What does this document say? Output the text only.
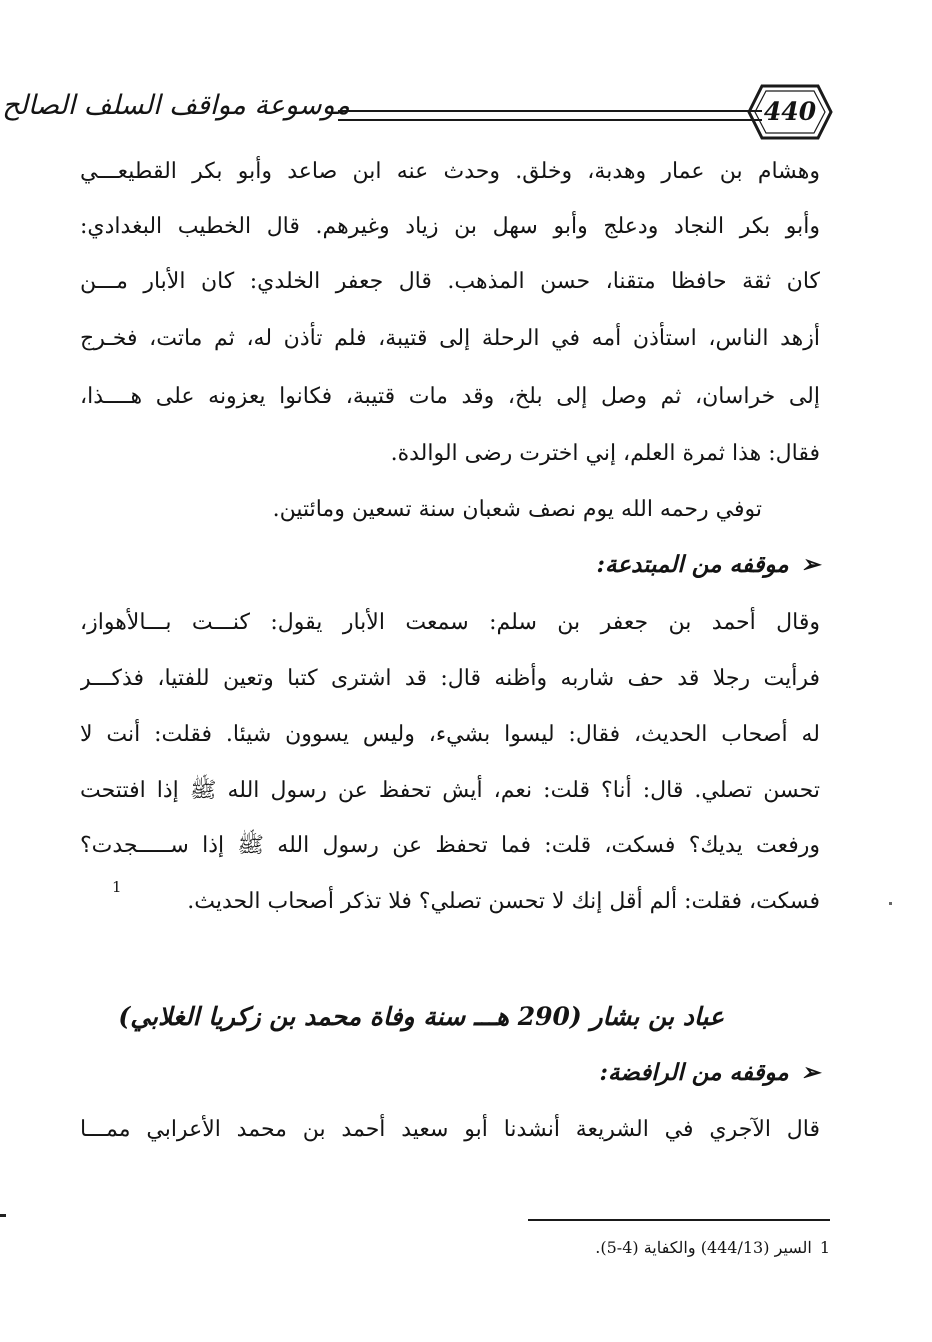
موسوعة مواقف السلف الصالح	440
وهشام بن عمار وهدبة، وخلق. وحدث عنه ابن صاعد وأبو بكر القطيعـــي
وأبو بكر النجاد ودعلج وأبو سهل بن زياد وغيرهم. قال الخطيب البغدادي:
كان ثقة حافظا متقنا، حسن المذهب. قال جعفر الخلدي: كان الأبار مـــن
أزهد الناس، استأذن أمه في الرحلة إلى قتيبة، فلم تأذن له، ثم ماتت، فخـرج
إلى خراسان، ثم وصل إلى بلخ، وقد مات قتيبة، فكانوا يعزونه على هــــذا،
فقال: هذا ثمرة العلم، إني اخترت رضى الوالدة.
توفي رحمه الله يوم نصف شعبان سنة تسعين ومائتين.
➢موقفه من المبتدعة:
وقال أحمد بن جعفر بن سلم: سمعت الأبار يقول: كنـــت بـــالأهواز،
فرأيت رجلا قد حف شاربه وأظنه قال: قد اشترى كتبا وتعين للفتيا، فذكـــر
له أصحاب الحديث، فقال: ليسوا بشيء، وليس يسوون شيئا. فقلت: أنت لا
تحسن تصلي. قال: أنا؟ قلت: نعم، أيش تحفظ عن رسول الله ﷺ إذا افتتحت
ورفعت يديك؟ فسكت، قلت: فما تحفظ عن رسول الله ﷺ إذا ســـــجدت؟
فسكت، فقلت: ألم أقل إنك لا تحسن تصلي؟ فلا تذكر أصحاب الحديث.
1
عباد بن بشار (290 هـــ سنة وفاة محمد بن زكريا الغلابي)
➢موقفه من الرافضة:
قال الآجري في الشريعة أنشدنا أبو سعيد أحمد بن محمد الأعرابي ممـــا
1السير (444/13) والكفاية (4-5).
